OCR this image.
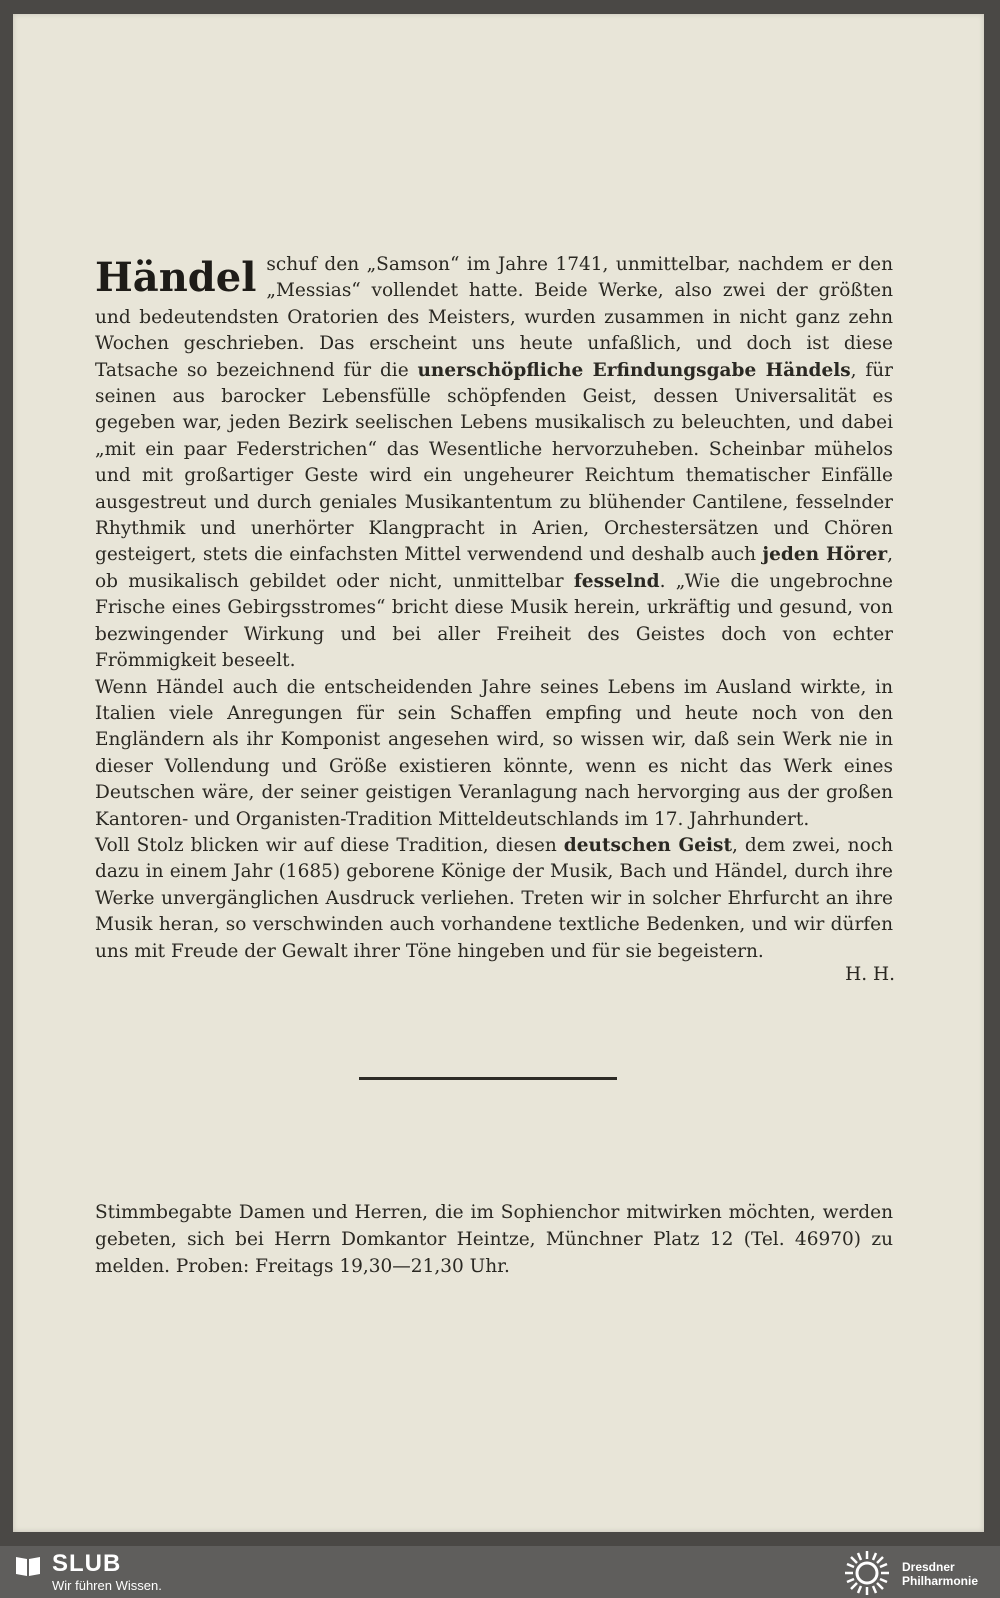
Händel schuf den „Samson“ im Jahre 1741, unmittelbar, nachdem er den „Messias“ vollendet hatte. Beide Werke, also zwei der größten und bedeutendsten Oratorien des Meisters, wurden zusammen in nicht ganz zehn Wochen geschrieben. Das erscheint uns heute unfaßlich, und doch ist diese Tatsache so bezeichnend für die unerschöpfliche Erfindungsgabe Händels, für seinen aus barocker Lebensfülle schöpfenden Geist, dessen Universalität es gegeben war, jeden Bezirk seelischen Lebens musikalisch zu beleuchten, und dabei „mit ein paar Federstrichen“ das Wesentliche hervorzuheben. Scheinbar mühelos und mit großartiger Geste wird ein ungeheurer Reichtum thematischer Einfälle ausgestreut und durch geniales Musikantentum zu blühender Cantilene, fesselnder Rhythmik und unerhörter Klangpracht in Arien, Orchestersätzen und Chören gesteigert, stets die einfachsten Mittel verwendend und deshalb auch jeden Hörer, ob musikalisch gebildet oder nicht, unmittelbar fesselnd. „Wie die ungebrochne Frische eines Gebirgsstromes“ bricht diese Musik herein, urkräftig und gesund, von bezwingender Wirkung und bei aller Freiheit des Geistes doch von echter Frömmigkeit beseelt.

Wenn Händel auch die entscheidenden Jahre seines Lebens im Ausland wirkte, in Italien viele Anregungen für sein Schaffen empfing und heute noch von den Engländern als ihr Komponist angesehen wird, so wissen wir, daß sein Werk nie in dieser Vollendung und Größe existieren könnte, wenn es nicht das Werk eines Deutschen wäre, der seiner geistigen Veranlagung nach hervorging aus der großen Kantoren- und Organisten-Tradition Mitteldeutschlands im 17. Jahrhundert.

Voll Stolz blicken wir auf diese Tradition, diesen deutschen Geist, dem zwei, noch dazu in einem Jahr (1685) geborene Könige der Musik, Bach und Händel, durch ihre Werke unvergänglichen Ausdruck verliehen. Treten wir in solcher Ehrfurcht an ihre Musik heran, so verschwinden auch vorhandene textliche Bedenken, und wir dürfen uns mit Freude der Gewalt ihrer Töne hingeben und für sie begeistern.

H. H.
Stimmbegabte Damen und Herren, die im Sophienchor mitwirken möchten, werden gebeten, sich bei Herrn Domkantor Heintze, Münchner Platz 12 (Tel. 46970) zu melden. Proben: Freitags 19,30—21,30 Uhr.
SLUB
Wir führen Wissen.
Dresdner
Philharmonie
